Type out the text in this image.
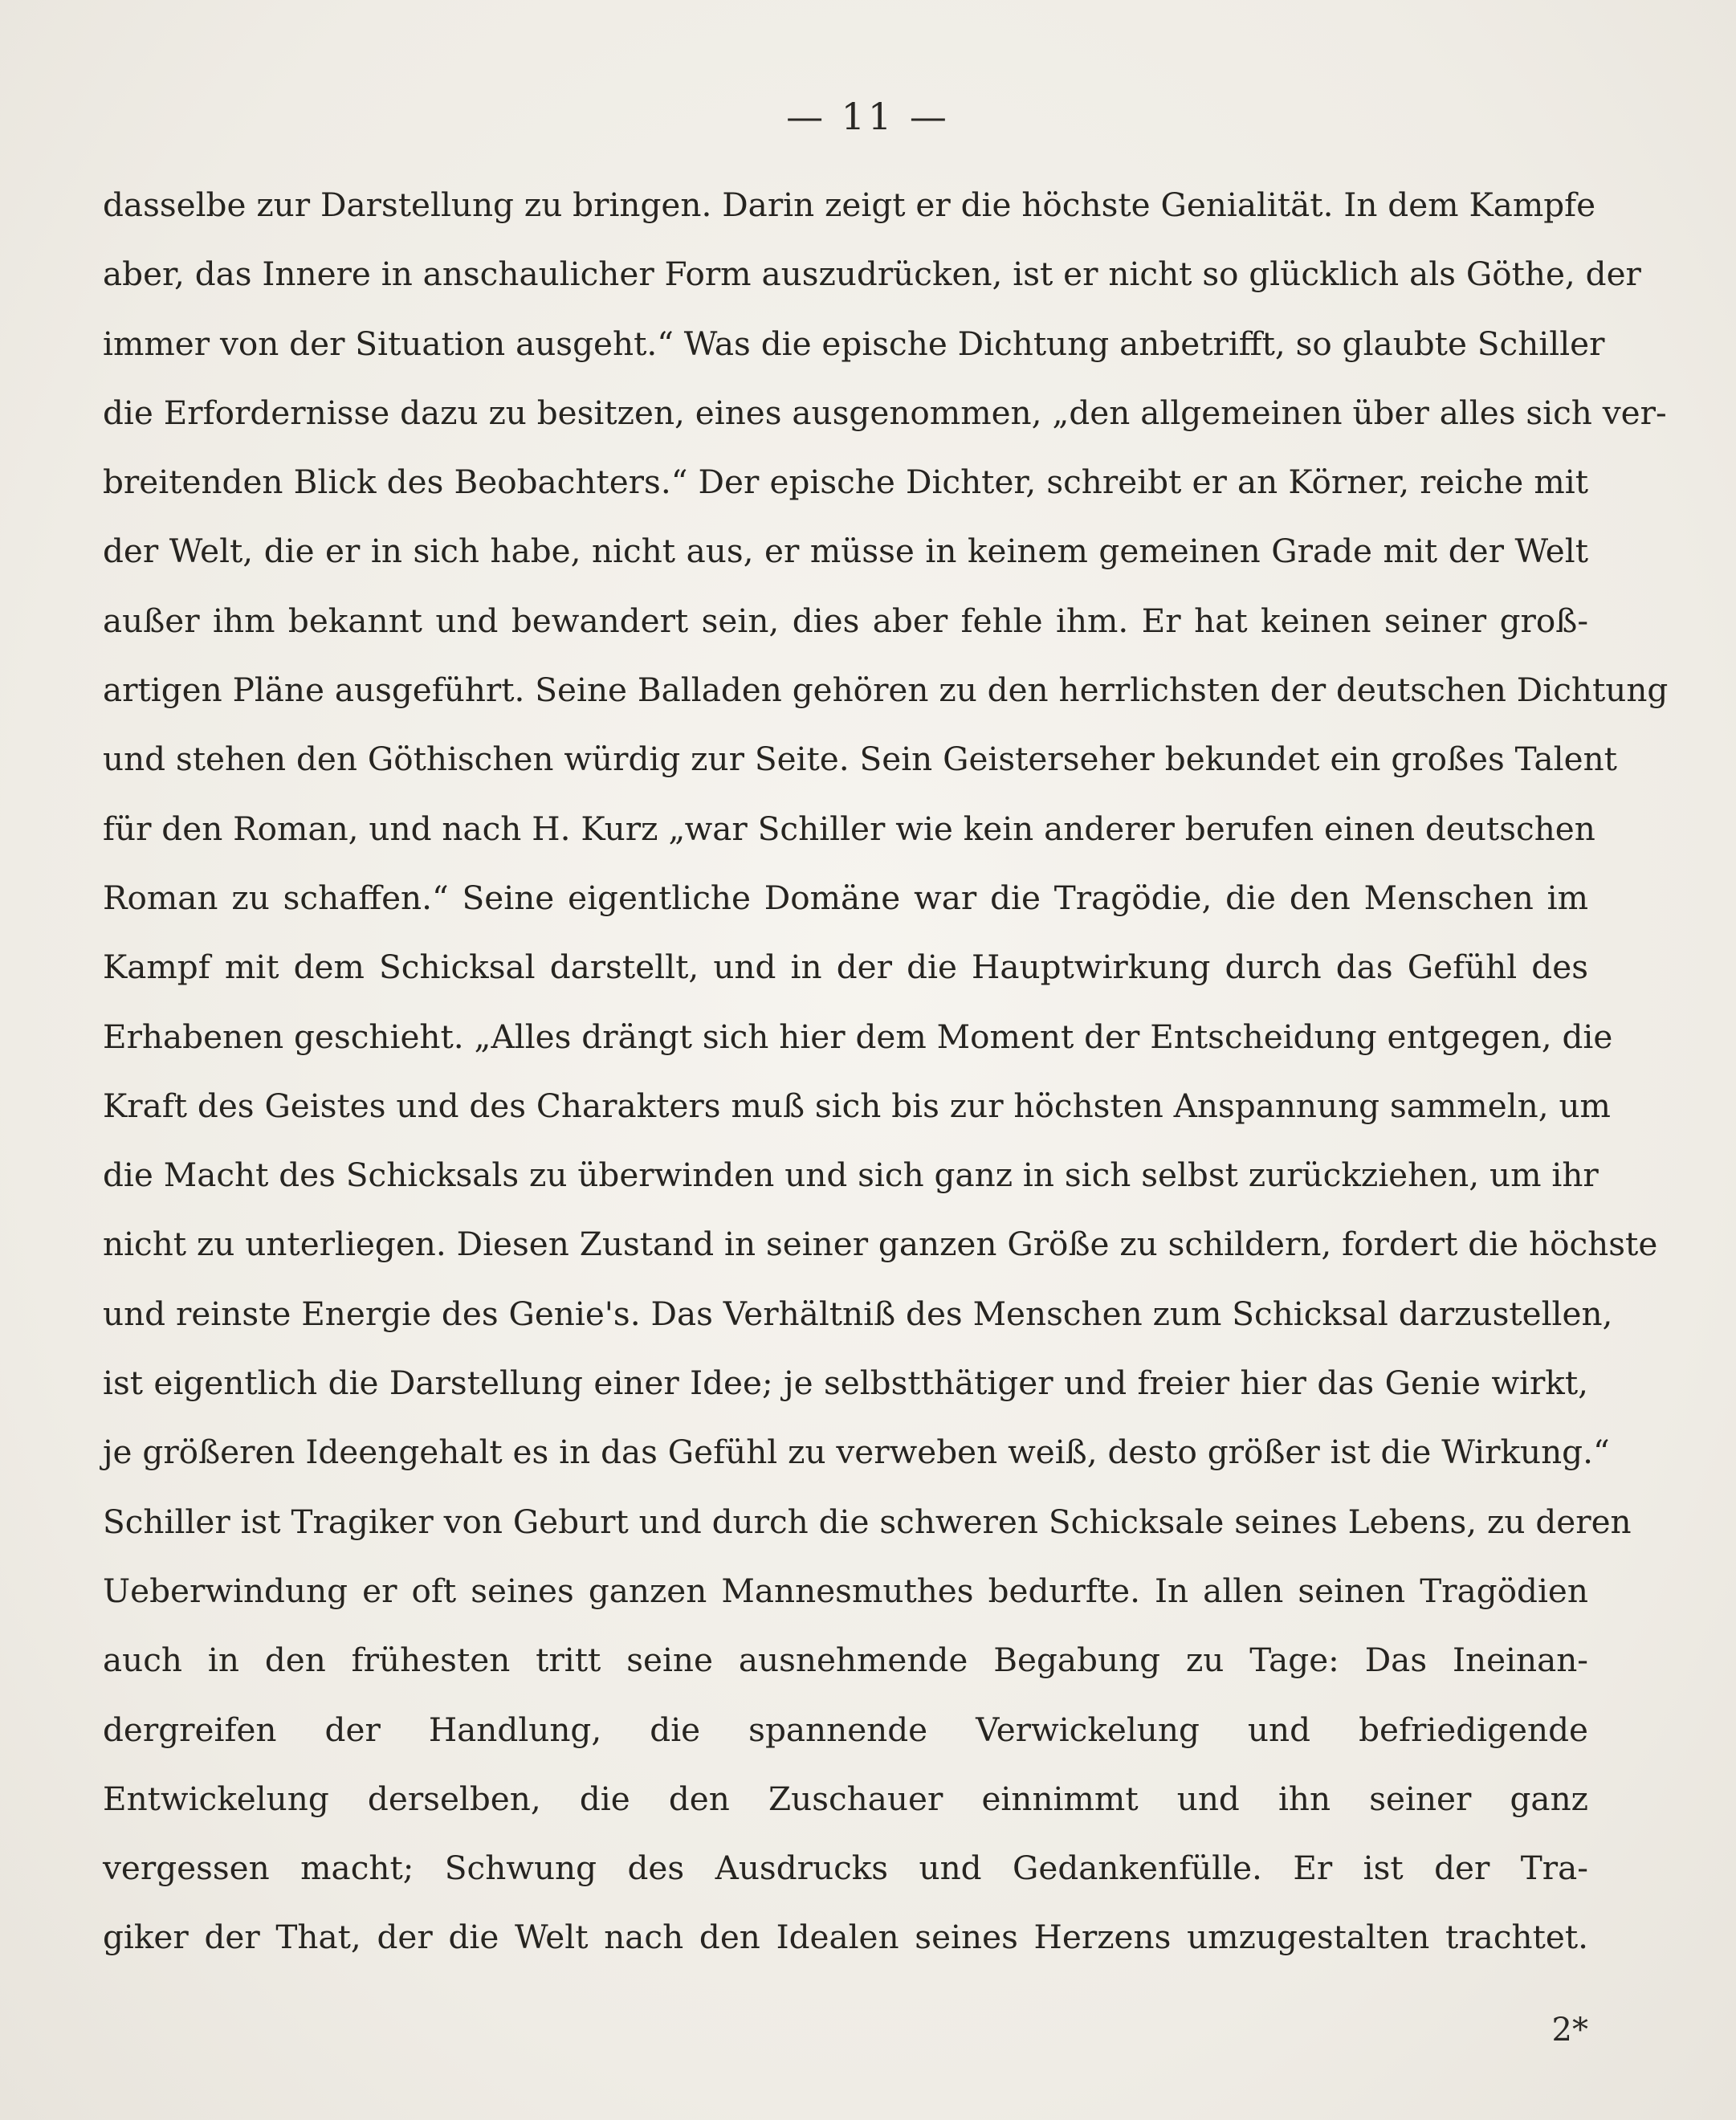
— 11 —
dasselbe zur Darstellung zu bringen. Darin zeigt er die höchste Genialität. In dem Kampfe
aber, das Innere in anschaulicher Form auszudrücken, ist er nicht so glücklich als Göthe, der
immer von der Situation ausgeht.“ Was die epische Dichtung anbetrifft, so glaubte Schiller
die Erfordernisse dazu zu besitzen, eines ausgenommen, „den allgemeinen über alles sich ver-
breitenden Blick des Beobachters.“ Der epische Dichter, schreibt er an Körner, reiche mit
der Welt, die er in sich habe, nicht aus, er müsse in keinem gemeinen Grade mit der Welt
außer ihm bekannt und bewandert sein, dies aber fehle ihm. Er hat keinen seiner groß-
artigen Pläne ausgeführt. Seine Balladen gehören zu den herrlichsten der deutschen Dichtung
und stehen den Göthischen würdig zur Seite. Sein Geisterseher bekundet ein großes Talent
für den Roman, und nach H. Kurz „war Schiller wie kein anderer berufen einen deutschen
Roman zu schaffen.“ Seine eigentliche Domäne war die Tragödie, die den Menschen im
Kampf mit dem Schicksal darstellt, und in der die Hauptwirkung durch das Gefühl des
Erhabenen geschieht. „Alles drängt sich hier dem Moment der Entscheidung entgegen, die
Kraft des Geistes und des Charakters muß sich bis zur höchsten Anspannung sammeln, um
die Macht des Schicksals zu überwinden und sich ganz in sich selbst zurückziehen, um ihr
nicht zu unterliegen. Diesen Zustand in seiner ganzen Größe zu schildern, fordert die höchste
und reinste Energie des Genie's. Das Verhältniß des Menschen zum Schicksal darzustellen,
ist eigentlich die Darstellung einer Idee; je selbstthätiger und freier hier das Genie wirkt,
je größeren Ideengehalt es in das Gefühl zu verweben weiß, desto größer ist die Wirkung.“
Schiller ist Tragiker von Geburt und durch die schweren Schicksale seines Lebens, zu deren
Ueberwindung er oft seines ganzen Mannesmuthes bedurfte. In allen seinen Tragödien
auch in den frühesten tritt seine ausnehmende Begabung zu Tage: Das Ineinan-
dergreifen der Handlung, die spannende Verwickelung und befriedigende
Entwickelung derselben, die den Zuschauer einnimmt und ihn seiner ganz
vergessen macht; Schwung des Ausdrucks und Gedankenfülle. Er ist der Tra-
giker der That, der die Welt nach den Idealen seines Herzens umzugestalten trachtet.
2*
